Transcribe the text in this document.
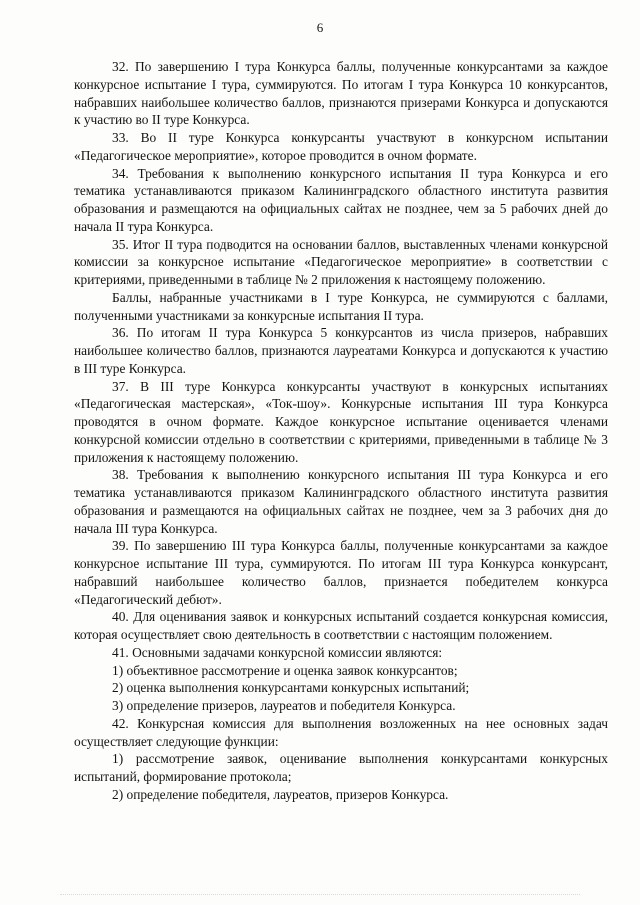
6

32. По завершению I тура Конкурса баллы, полученные конкурсантами за каждое конкурсное испытание I тура, суммируются. По итогам I тура Конкурса 10 конкурсантов, набравших наибольшее количество баллов, признаются призерами Конкурса и допускаются к участию во II туре Конкурса.

33. Во II туре Конкурса конкурсанты участвуют в конкурсном испытании «Педагогическое мероприятие», которое проводится в очном формате.

34. Требования к выполнению конкурсного испытания II тура Конкурса и его тематика устанавливаются приказом Калининградского областного института развития образования и размещаются на официальных сайтах не позднее, чем за 5 рабочих дней до начала II тура Конкурса.

35. Итог II тура подводится на основании баллов, выставленных членами конкурсной комиссии за конкурсное испытание «Педагогическое мероприятие» в соответствии с критериями, приведенными в таблице № 2 приложения к настоящему положению.

Баллы, набранные участниками в I туре Конкурса, не суммируются с баллами, полученными участниками за конкурсные испытания II тура.

36. По итогам II тура Конкурса 5 конкурсантов из числа призеров, набравших наибольшее количество баллов, признаются лауреатами Конкурса и допускаются к участию в III туре Конкурса.

37. В III туре Конкурса конкурсанты участвуют в конкурсных испытаниях «Педагогическая мастерская», «Ток-шоу». Конкурсные испытания III тура Конкурса проводятся в очном формате. Каждое конкурсное испытание оценивается членами конкурсной комиссии отдельно в соответствии с критериями, приведенными в таблице № 3 приложения к настоящему положению.

38. Требования к выполнению конкурсного испытания III тура Конкурса и его тематика устанавливаются приказом Калининградского областного института развития образования и размещаются на официальных сайтах не позднее, чем за 3 рабочих дня до начала III тура Конкурса.

39. По завершению III тура Конкурса баллы, полученные конкурсантами за каждое конкурсное испытание III тура, суммируются. По итогам III тура Конкурса конкурсант, набравший наибольшее количество баллов, признается победителем конкурса «Педагогический дебют».

40. Для оценивания заявок и конкурсных испытаний создается конкурсная комиссия, которая осуществляет свою деятельность в соответствии с настоящим положением.

41. Основными задачами конкурсной комиссии являются:

1) объективное рассмотрение и оценка заявок конкурсантов;

2) оценка выполнения конкурсантами конкурсных испытаний;

3) определение призеров, лауреатов и победителя Конкурса.

42. Конкурсная комиссия для выполнения возложенных на нее основных задач осуществляет следующие функции:

1) рассмотрение заявок, оценивание выполнения конкурсантами конкурсных испытаний, формирование протокола;

2) определение победителя, лауреатов, призеров Конкурса.
